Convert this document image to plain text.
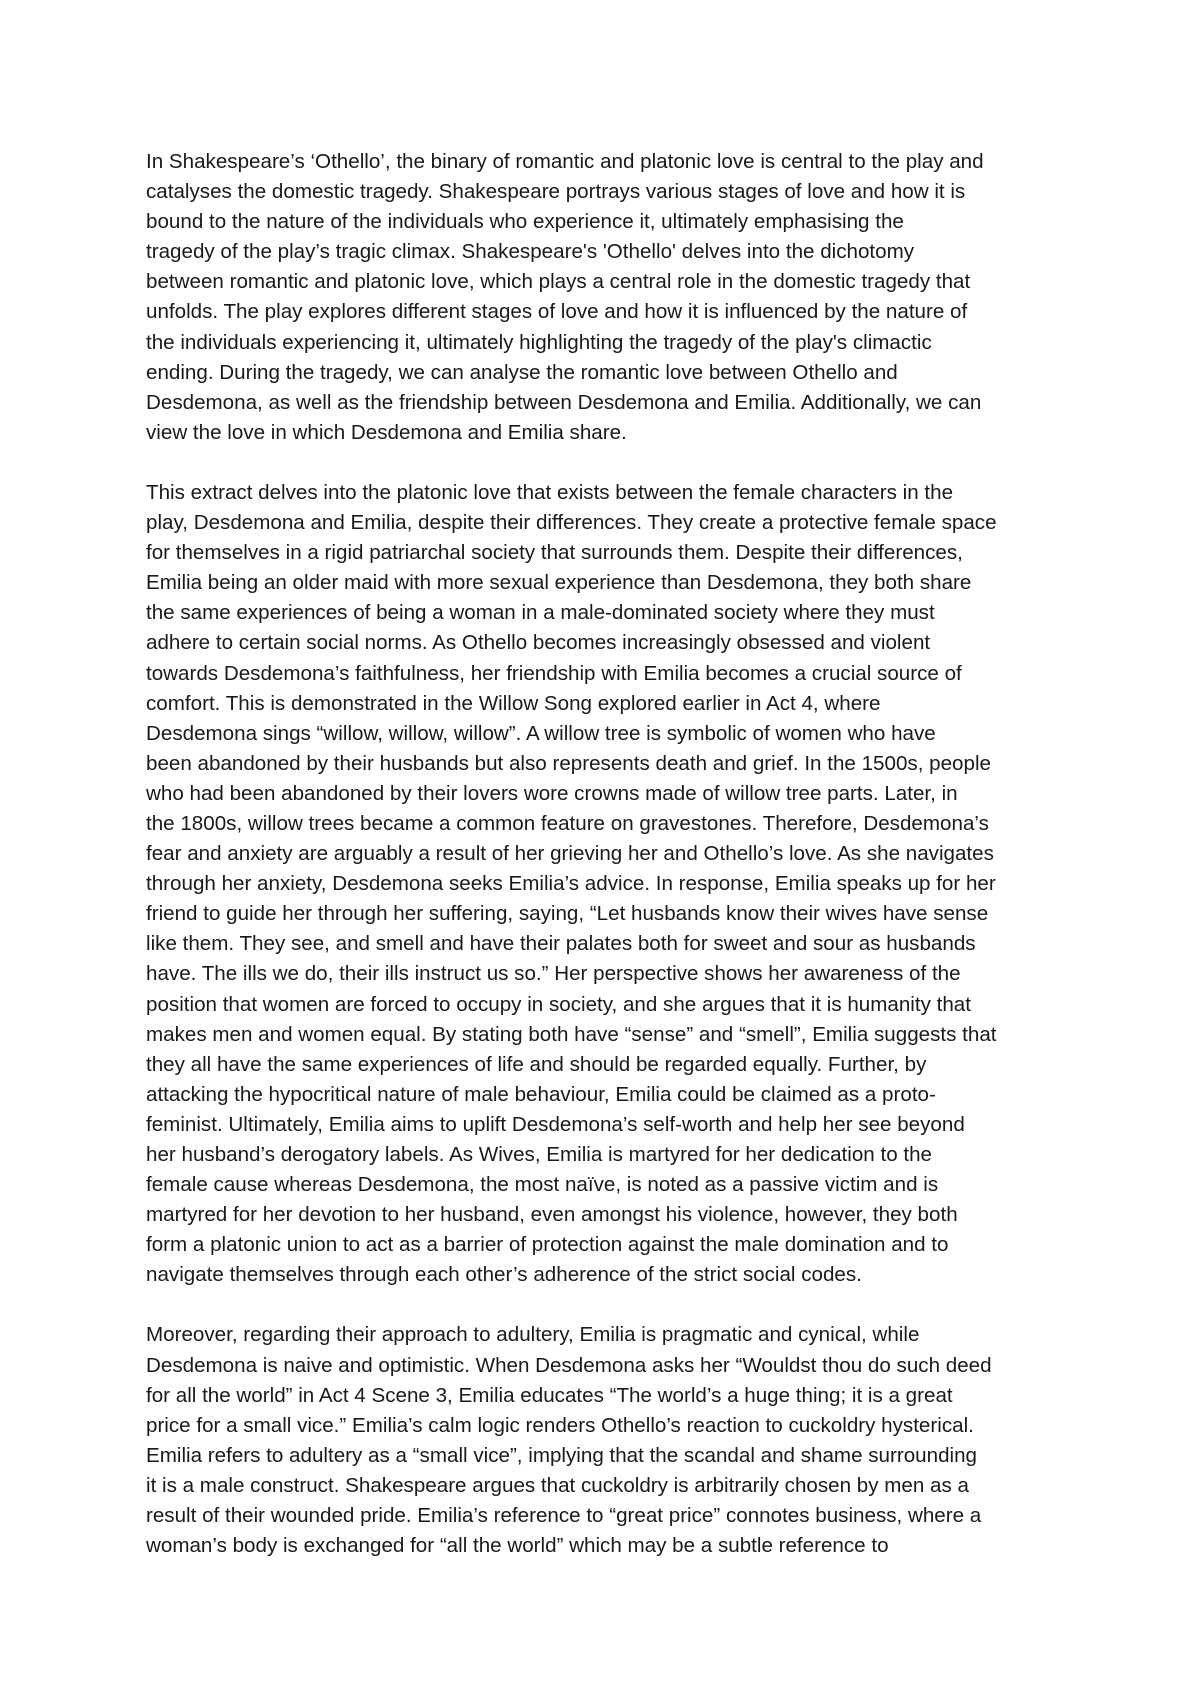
In Shakespeare’s ‘Othello’, the binary of romantic and platonic love is central to the play and
catalyses the domestic tragedy. Shakespeare portrays various stages of love and how it is
bound to the nature of the individuals who experience it, ultimately emphasising the
tragedy of the play’s tragic climax. Shakespeare's 'Othello' delves into the dichotomy
between romantic and platonic love, which plays a central role in the domestic tragedy that
unfolds. The play explores different stages of love and how it is influenced by the nature of
the individuals experiencing it, ultimately highlighting the tragedy of the play's climactic
ending. During the tragedy, we can analyse the romantic love between Othello and
Desdemona, as well as the friendship between Desdemona and Emilia. Additionally, we can
view the love in which Desdemona and Emilia share.
This extract delves into the platonic love that exists between the female characters in the
play, Desdemona and Emilia, despite their differences. They create a protective female space
for themselves in a rigid patriarchal society that surrounds them. Despite their differences,
Emilia being an older maid with more sexual experience than Desdemona, they both share
the same experiences of being a woman in a male-dominated society where they must
adhere to certain social norms. As Othello becomes increasingly obsessed and violent
towards Desdemona’s faithfulness, her friendship with Emilia becomes a crucial source of
comfort. This is demonstrated in the Willow Song explored earlier in Act 4, where
Desdemona sings “willow, willow, willow”. A willow tree is symbolic of women who have
been abandoned by their husbands but also represents death and grief. In the 1500s, people
who had been abandoned by their lovers wore crowns made of willow tree parts. Later, in
the 1800s, willow trees became a common feature on gravestones. Therefore, Desdemona’s
fear and anxiety are arguably a result of her grieving her and Othello’s love. As she navigates
through her anxiety, Desdemona seeks Emilia’s advice. In response, Emilia speaks up for her
friend to guide her through her suffering, saying, “Let husbands know their wives have sense
like them. They see, and smell and have their palates both for sweet and sour as husbands
have. The ills we do, their ills instruct us so.” Her perspective shows her awareness of the
position that women are forced to occupy in society, and she argues that it is humanity that
makes men and women equal. By stating both have “sense” and “smell”, Emilia suggests that
they all have the same experiences of life and should be regarded equally. Further, by
attacking the hypocritical nature of male behaviour, Emilia could be claimed as a proto-
feminist. Ultimately, Emilia aims to uplift Desdemona’s self-worth and help her see beyond
her husband’s derogatory labels. As Wives, Emilia is martyred for her dedication to the
female cause whereas Desdemona, the most naïve, is noted as a passive victim and is
martyred for her devotion to her husband, even amongst his violence, however, they both
form a platonic union to act as a barrier of protection against the male domination and to
navigate themselves through each other’s adherence of the strict social codes.
Moreover, regarding their approach to adultery, Emilia is pragmatic and cynical, while
Desdemona is naive and optimistic. When Desdemona asks her “Wouldst thou do such deed
for all the world” in Act 4 Scene 3, Emilia educates “The world’s a huge thing; it is a great
price for a small vice.” Emilia’s calm logic renders Othello’s reaction to cuckoldry hysterical.
Emilia refers to adultery as a “small vice”, implying that the scandal and shame surrounding
it is a male construct. Shakespeare argues that cuckoldry is arbitrarily chosen by men as a
result of their wounded pride. Emilia’s reference to “great price” connotes business, where a
woman’s body is exchanged for “all the world” which may be a subtle reference to
